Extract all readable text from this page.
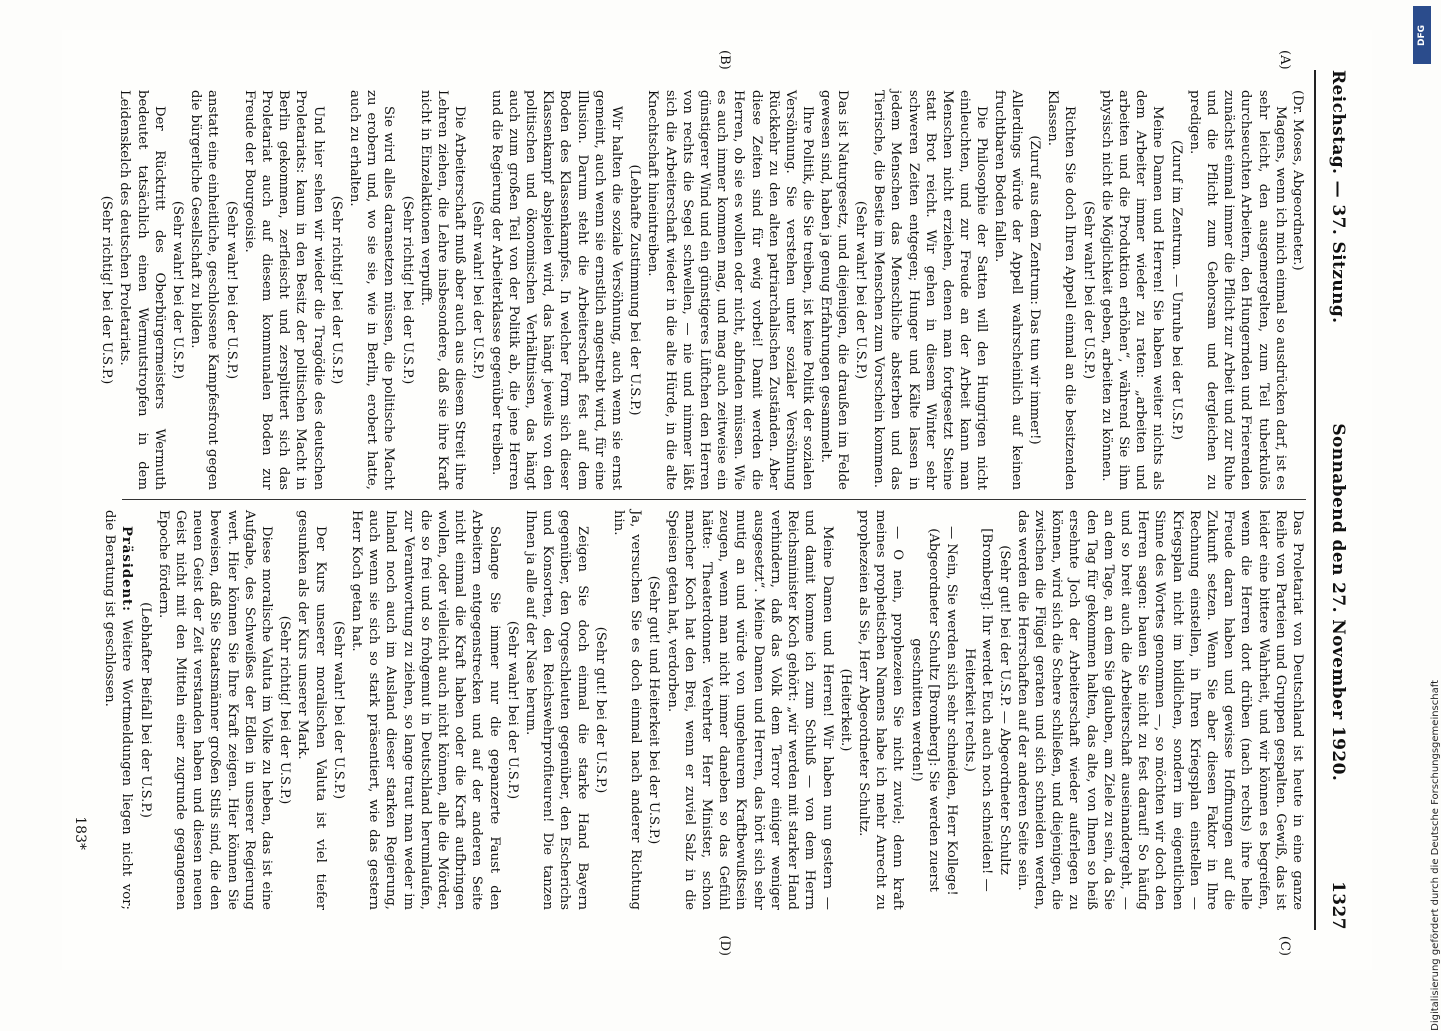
Reichstag. — 37. Sitzung.
Sonnabend den 27. November 1920.
1327
(A)
(B)
(C)
(D)

(Dr. Moses, Abgeordneter.)

Magens, wenn ich mich einmal so ausdrücken darf, ist es sehr leicht, den ausgemergelten, zum Teil tuberkulös durchseuchten Arbeitern, den Hungernden und Frierenden zunächst einmal immer die Pflicht zur Arbeit und zur Ruhe und die Pflicht zum Gehorsam und dergleichen zu predigen.

(Zuruf im Zentrum. — Unruhe bei der U.S.P.)

Meine Damen und Herren! Sie haben weiter nichts als dem Arbeiter immer wieder zu raten: „arbeiten und arbeiten und die Produktion erhöhen“, während Sie ihm physisch nicht die Möglichkeit geben, arbeiten zu können.

(Sehr wahr! bei der U.S.P.)

Richten Sie doch Ihren Appell einmal an die besitzenden Klassen.

(Zuruf aus dem Zentrum: Das tun wir immer!)

Allerdings würde der Appell wahrscheinlich auf keinen fruchtbaren Boden fallen.

Die Philosophie der Satten will den Hungrigen nicht einleuchten, und zur Freude an der Arbeit kann man Menschen nicht erziehen, denen man fortgesetzt Steine statt Brot reicht. Wir gehen in diesem Winter sehr schweren Zeiten entgegen; Hunger und Kälte lassen in jedem Menschen das Menschliche absterben und das Tierische, die Bestie im Menschen zum Vorschein kommen.

(Sehr wahr! bei der U.S.P.)

Das ist Naturgesetz, und diejenigen, die draußen im Felde gewesen sind, haben ja genug Erfahrungen gesammelt.

Ihre Politik, die Sie treiben, ist keine Politik der sozialen Versöhnung. Sie verstehen unter sozialer Versöhnung Rückkehr zu den alten patriarchalischen Zuständen. Aber diese Zeiten sind für ewig vorbei! Damit werden die Herren, ob sie es wollen oder nicht, abfinden müssen. Wie es auch immer kommen mag, und mag auch zeitweise ein günstigerer Wind und ein günstigeres Lüftchen den Herren von rechts die Segel schwellen, — nie und nimmer läßt sich die Arbeiterschaft wieder in die alte Hürde, in die alte Knechtschaft hineintreiben.

(Lebhafte Zustimmung bei der U.S.P.)

Wir halten die soziale Versöhnung, auch wenn sie ernst gemeint, auch wenn sie ernstlich angestrebt wird, für eine Illusion. Darum steht die Arbeiterschaft fest auf dem Boden des Klassenkampfes. In welcher Form sich dieser Klassenkampf abspielen wird, das hängt jeweils von den politischen und ökonomischen Verhältnissen, das hängt auch zum großen Teil von der Politik ab, die jene Herren und die Regierung der Arbeiterklasse gegenüber treiben.

(Sehr wahr! bei der U.S.P.)

Die Arbeiterschaft muß aber auch aus diesem Streit ihre Lehren ziehen, die Lehre insbesondere, daß sie ihre Kraft nicht in Einzelaktionen verpufft.

(Sehr richtig! bei der U.S.P.)

Sie wird alles daransetzen müssen, die politische Macht zu erobern und, wo sie sie, wie in Berlin, erobert hatte, auch zu erhalten.

(Sehr richtig! bei der U.S.P.)

Und hier sehen wir wieder die Tragödie des deutschen Proletariats: kaum in den Besitz der politischen Macht in Berlin gekommen, zerfleischt und zersplittert sich das Proletariat auch auf diesem kommunalen Boden zur Freude der Bourgeoisie.

(Sehr wahr! bei der U.S.P.)

anstatt eine einheitliche, geschlossene Kampfesfront gegen die bürgerliche Gesellschaft zu bilden.

(Sehr wahr! bei der U.S.P.)

Der Rücktritt des Oberbürgermeisters Wermuth bedeutet tatsächlich einen Wermutstropfen in dem Leidenskelch des deutschen Proletariats.

(Sehr richtig! bei der U.S.P.)

Das Proletariat von Deutschland ist heute in eine ganze Reihe von Parteien und Gruppen gespalten. Gewiß, das ist leider eine bittere Wahrheit, und wir können es begreifen, wenn die Herren dort drüben (nach rechts) ihre helle Freude daran haben und gewisse Hoffnungen auf die Zukunft setzen. Wenn Sie aber diesen Faktor in Ihre Rechnung einstellen, in Ihren Kriegsplan einstellen — Kriegsplan nicht im bildlichen, sondern im eigentlichen Sinne des Wortes genommen —, so möchten wir doch den Herren sagen: bauen Sie nicht zu fest darauf! So häufig und so breit auch die Arbeiterschaft auseinandergeht, — an dem Tage, an dem Sie glauben, am Ziele zu sein, da Sie den Tag für gekommen halten, das alte, von Ihnen so heiß ersehnte Joch der Arbeiterschaft wieder auferlegen zu können, wird sich die Schere schließen, und diejenigen, die zwischen die Flügel geraten und sich schneiden werden, das werden die Herrschaften auf der anderen Seite sein.

(Sehr gut! bei der U.S.P. — Abgeordneter Schultz [Bromberg]: Ihr werdet Euch auch noch schneiden! — Heiterkeit rechts.)

— Nein, Sie werden sich sehr schneiden, Herr Kollege!

(Abgeordneter Schultz [Bromberg]: Sie werden zuerst geschnitten werden!)

— O nein, prophezeien Sie nicht zuviel; denn kraft meines prophetischen Namens habe ich mehr Anrecht zu prophezeien als Sie, Herr Abgeordneter Schultz.

(Heiterkeit.)

Meine Damen und Herren! Wir haben nun gestern — und damit komme ich zum Schluß — von dem Herrn Reichsminister Koch gehört: „wir werden mit starker Hand verhindern, daß das Volk dem Terror einiger weniger ausgesetzt“. Meine Damen und Herren, das hört sich sehr mutig an und würde von ungeheurem Kraftbewußtsein zeugen, wenn man nicht immer daneben so das Gefühl hätte: Theaterdonner. Verehrter Herr Minister, schon mancher Koch hat den Brei, wenn er zuviel Salz in die Speisen getan hat, verdorben.

(Sehr gut! und Heiterkeit bei der U.S.P.)

Ja, versuchen Sie es doch einmal nach anderer Richtung hin.

(Sehr gut! bei der U.S.P.)

Zeigen Sie doch einmal die starke Hand Bayern gegenüber, den Orgeschleuten gegenüber, den Escherichs und Konsorten, den Reichswehrprofiteuren! Die tanzen Ihnen ja alle auf der Nase herum.

(Sehr wahr! bei der U.S.P.)

Solange Sie immer nur die gepanzerte Faust den Arbeitern entgegenstrecken und auf der anderen Seite nicht einmal die Kraft haben oder die Kraft aufbringen wollen, oder vielleicht auch nicht können, alle die Mörder, die so frei und so frohgemut in Deutschland herumlaufen, zur Verantwortung zu ziehen, so lange traut man weder im Inland noch auch im Ausland dieser starken Regierung, auch wenn sie sich so stark präsentiert, wie das gestern Herr Koch getan hat.

(Sehr wahr! bei der U.S.P.)

Der Kurs unserer moralischen Valuta ist viel tiefer gesunken als der Kurs unserer Mark.

(Sehr richtig! bei der U.S.P.)

Diese moralische Valuta im Volke zu heben, das ist eine Aufgabe, des Schweißes der Edlen in unserer Regierung wert. Hier können Sie Ihre Kraft zeigen. Hier können Sie beweisen, daß Sie Staatsmänner großen Stils sind, die den neuen Geist der Zeit verstanden haben und diesen neuen Geist nicht mit den Mitteln einer zugrunde gegangenen Epoche fördern.

(Lebhafter Beifall bei der U.S.P.)

Präsident: Weitere Wortmeldungen liegen nicht vor; die Beratung ist geschlossen.

183*
DFG
Digitalisierung gefördert durch die Deutsche Forschungsgemeinschaft
